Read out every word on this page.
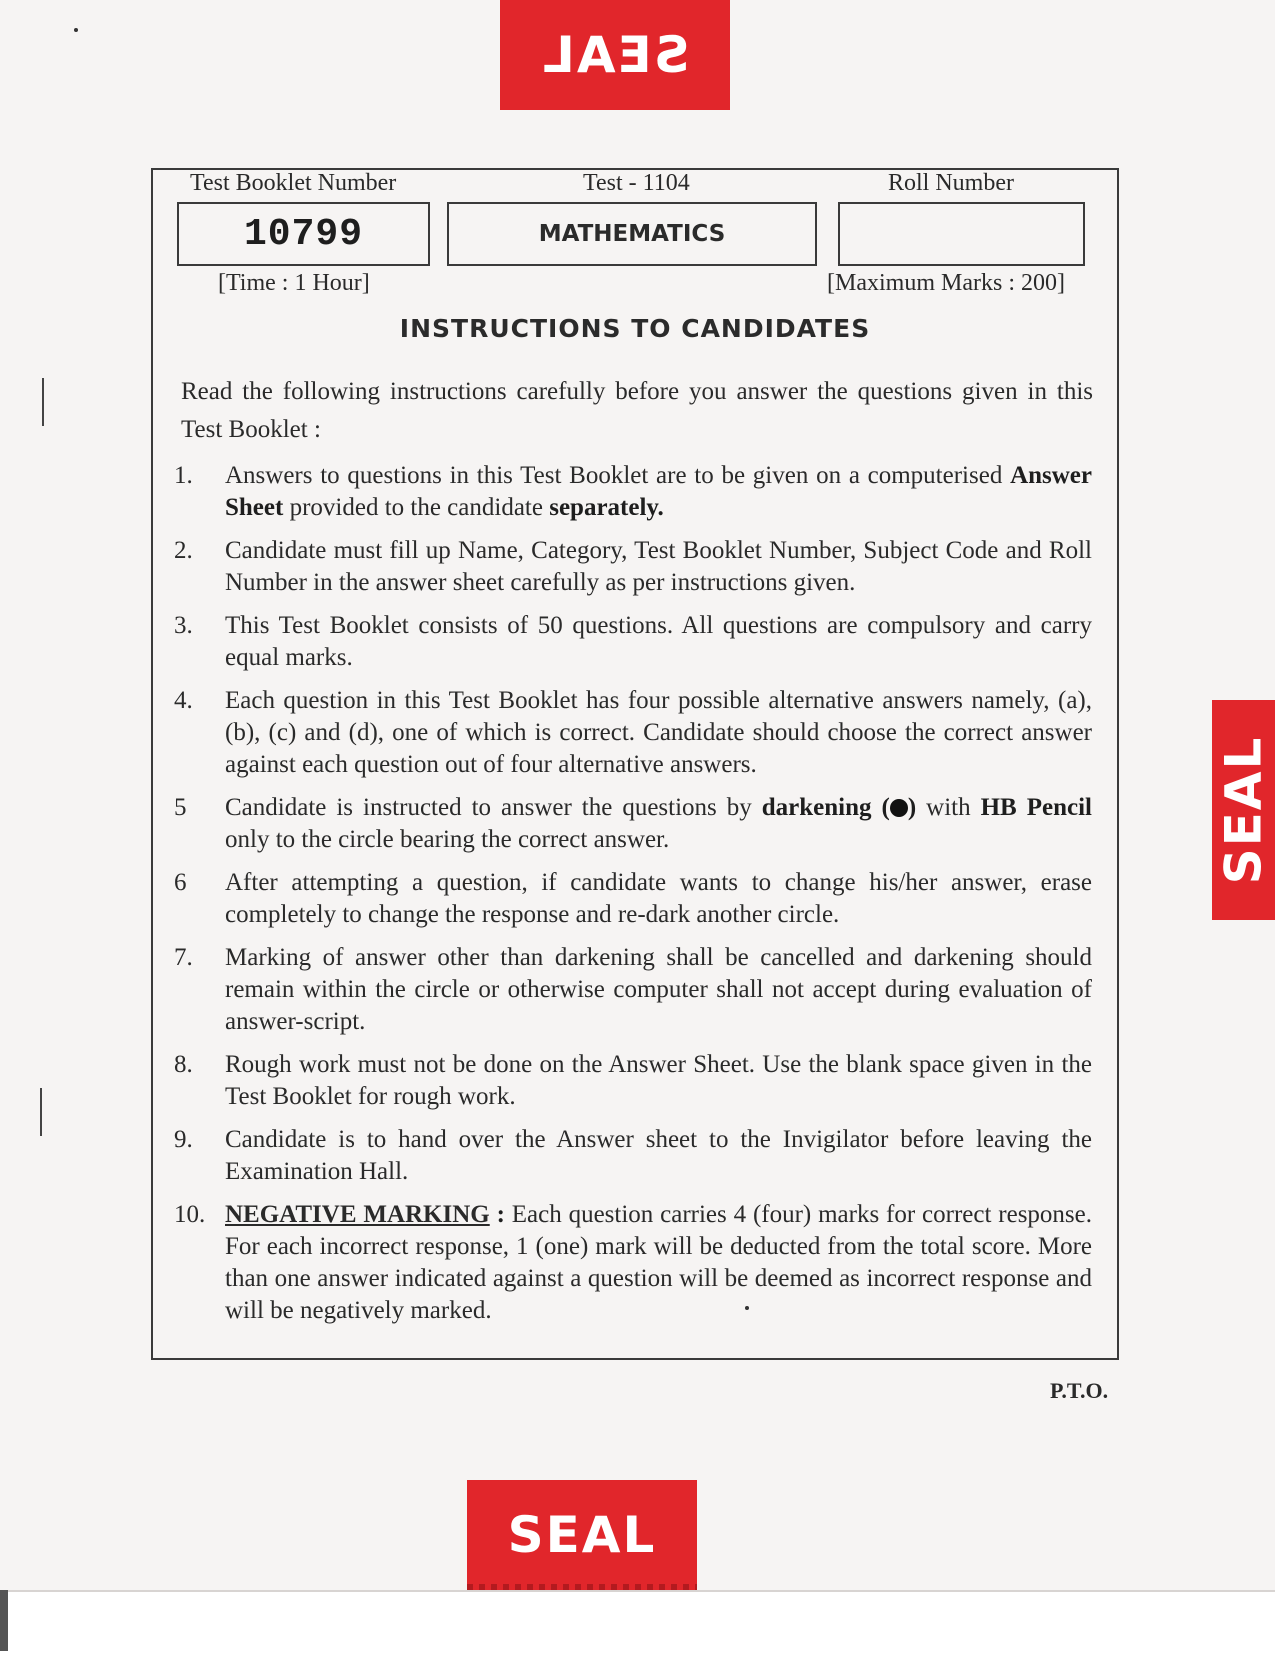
SEAL
SEAL
SEAL
Test Booklet Number	Test - 1104	Roll Number
10799	MATHEMATICS
[Time : 1 Hour]	[Maximum Marks : 200]
INSTRUCTIONS TO CANDIDATES
Read the following instructions carefully before you answer the questions given in this Test Booklet :
1.	Answers to questions in this Test Booklet are to be given on a computerised Answer Sheet provided to the candidate separately.
2.	Candidate must fill up Name, Category, Test Booklet Number, Subject Code and Roll Number in the answer sheet carefully as per instructions given.
3.	This Test Booklet consists of 50 questions. All questions are compulsory and carry equal marks.
4.	Each question in this Test Booklet has four possible alternative answers namely, (a), (b), (c) and (d), one of which is correct. Candidate should choose the correct answer against each question out of four alternative answers.
5	Candidate is instructed to answer the questions by darkening ( ) with HB Pencil only to the circle bearing the correct answer.
6	After attempting a question, if candidate wants to change his/her answer, erase completely to change the response and re-dark another circle.
7.	Marking of answer other than darkening shall be cancelled and darkening should remain within the circle or otherwise computer shall not accept during evaluation of answer-script.
8.	Rough work must not be done on the Answer Sheet. Use the blank space given in the Test Booklet for rough work.
9.	Candidate is to hand over the Answer sheet to the Invigilator before leaving the Examination Hall.
10. NEGATIVE MARKING : Each question carries 4 (four) marks for correct response. For each incorrect response, 1 (one) mark will be deducted from the total score. More than one answer indicated against a question will be deemed as incorrect response and will be negatively marked.
P.T.O.
